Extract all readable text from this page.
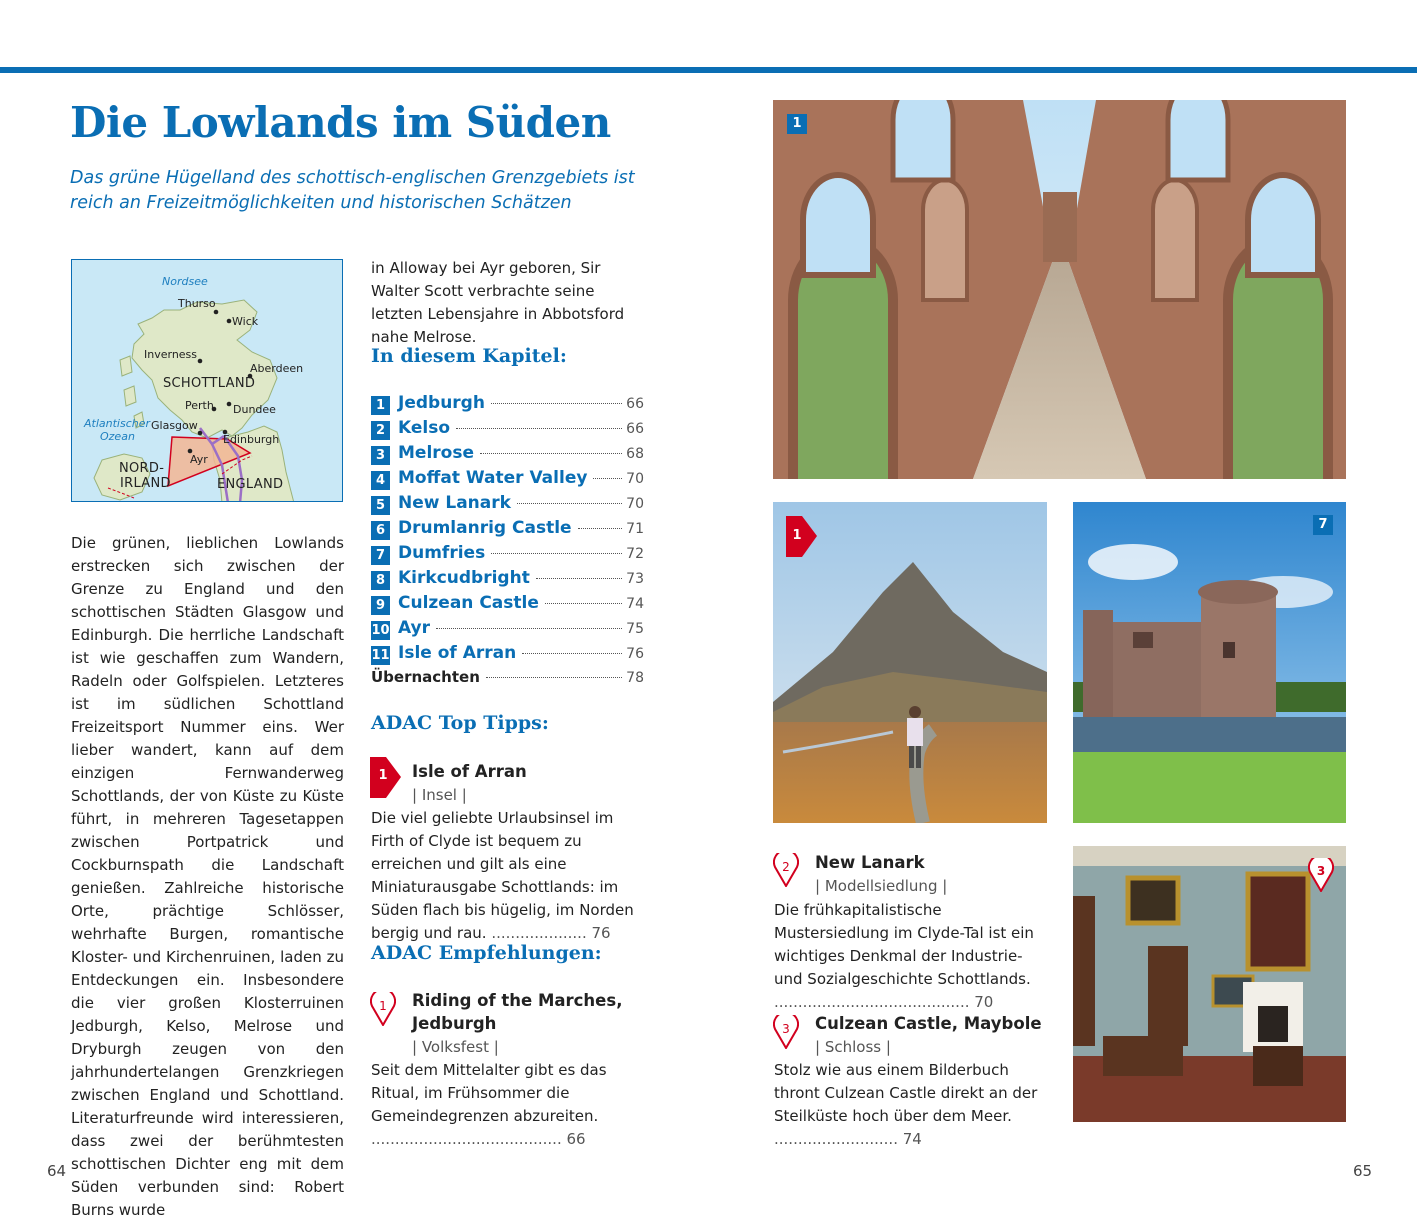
Die Lowlands im Süden
Das grüne Hügelland des schottisch-englischen Grenzgebiets ist reich an Freizeitmöglichkeiten und historischen Schätzen
Nordsee
Thurso
Wick
Inverness
Aberdeen
SCHOTTLAND
Perth Dundee
Atlantischer
Ozean
Glasgow
Edinburgh
Ayr
NORD-
IRLAND	ENGLAND

Die grünen, lieblichen Lowlands erstrecken sich zwischen der Grenze zu England und den schottischen Städten Glasgow und Edinburgh. Die herrliche Landschaft ist wie geschaffen zum Wandern, Radeln oder Golfspielen. Letzteres ist im südlichen Schottland Freizeitsport Nummer eins. Wer lieber wandert, kann auf dem einzigen Fernwanderweg Schottlands, der von Küste zu Küste führt, in mehreren Tagesetappen zwischen Portpatrick und Cockburnspath die Landschaft genießen. Zahlreiche historische Orte, prächtige Schlösser, wehrhafte Burgen, romantische Kloster- und Kirchenruinen, laden zu Entdeckungen ein. Insbesondere die vier großen Klosterruinen Jedburgh, Kelso, Melrose und Dryburgh zeugen von den jahrhundertelangen Grenzkriegen zwischen England und Schottland. Literaturfreunde wird interessieren, dass zwei der berühmtesten schottischen Dichter eng mit dem Süden verbunden sind: Robert Burns wurde

in Alloway bei Ayr geboren, Sir Walter Scott verbrachte seine letzten Lebensjahre in Abbotsford nahe Melrose.

In diesem Kapitel:
1 Jedburgh	66
2 Kelso	66
3 Melrose	68
4 Moffat Water Valley	70
5 New Lanark	70
6 Drumlanrig Castle	71
7 Dumfries	72
8 Kirkcudbright	73
9 Culzean Castle	74
10 Ayr	75
11 Isle of Arran	76
Übernachten	78
ADAC Top Tipps:
1 Isle of Arran
| Insel |
Die viel geliebte Urlaubsinsel im Firth of Clyde ist bequem zu erreichen und gilt als eine Miniaturausgabe Schottlands: im Süden flach bis hügelig, im Norden bergig und rau. .................... 76
ADAC Empfehlungen:
1	Riding of the Marches,
Jedburgh
| Volksfest |
Seit dem Mittelalter gibt es das Ritual, im Frühsommer die Gemeindegrenzen abzureiten. ........................................ 66
1
1
7
3
2	New Lanark
| Modellsiedlung |
Die frühkapitalistische Mustersiedlung im Clyde-Tal ist ein wichtiges Denkmal der Industrie- und Sozialgeschichte Schottlands. ......................................... 70
3	Culzean Castle, Maybole
| Schloss |
Stolz wie aus einem Bilderbuch thront Culzean Castle direkt an der Steilküste hoch über dem Meer. .......................... 74
64	65
